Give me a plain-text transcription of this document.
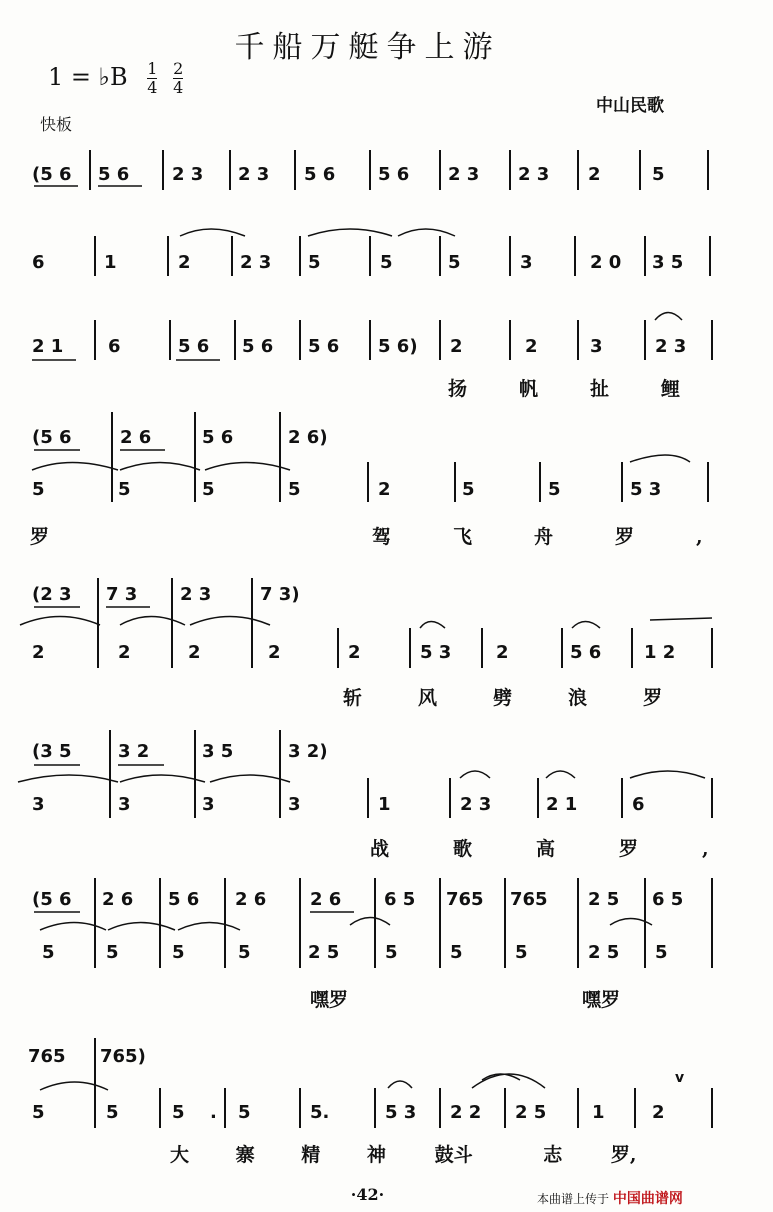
千船万艇争上游
1 = ♭B $\frac{1}{4} \frac{2}{4}$
快板
中山民歌
(5 6 5 6 2 3 2 3 5 6 5 6 2 3 2 3 2	5
6	1	2	2 3 5	5	5	3	2 0 3 5
2 1 6	5 6 5 6 5 6 5 6) 2	2	3	2 3
(5 6	2 6	5 6	2 6)
5	5	5	5	2	5	5	5 3
(2 3 7 3 2 3	7 3)
2	2	2	2	2	5 3 2	5 6 1 2
(3 5	3 2	3 5	3 2)
3	3	3	3	1	2 3	2 1	6
(5 6 2 6 5 6 2 6 2 6 6 5 765 765 2 5 6 5
5	5	5	5	2 5	5	5	5	2 5 5
765 765)
5	5	5 . 5	5.	5 3 2 2 2 5	1	2
v
扬帆扯鲤
罗	驾飞舟罗,
斩风劈浪罗
战歌高罗,
嘿罗	嘿罗
大 寨 精 神	鼓斗	志	罗,
·42·	本曲谱上传于 中国曲谱网
